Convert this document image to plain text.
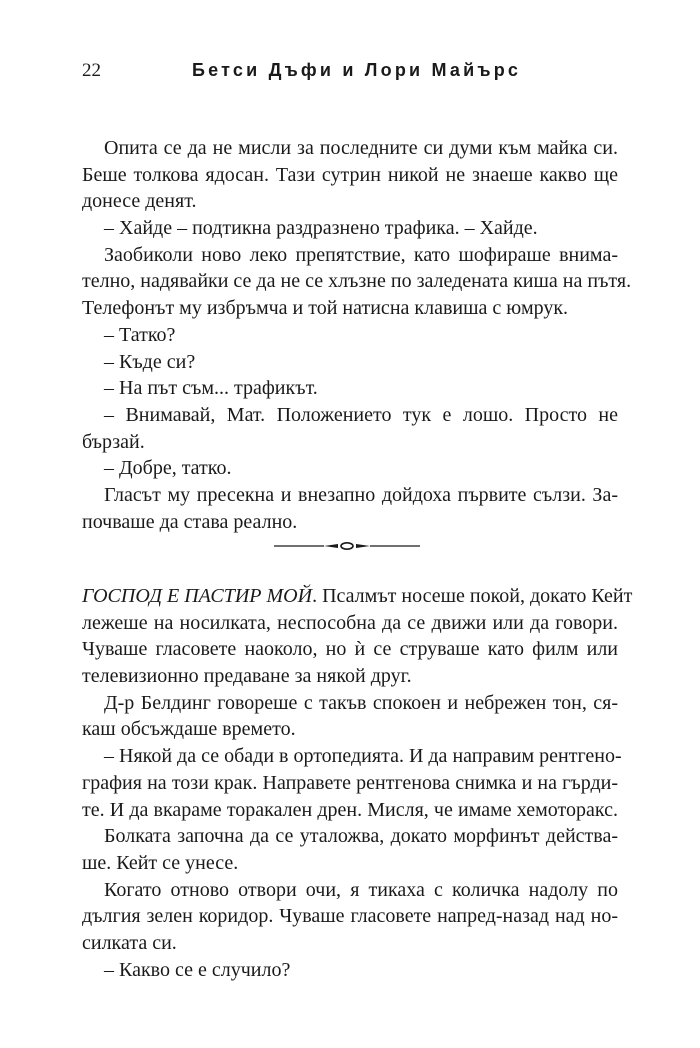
22	Бетси Дъфи и Лори Майърс
Опита се да не мисли за последните си думи към майка си.
Беше толкова ядосан. Тази сутрин никой не знаеше какво ще
донесе денят.
– Хайде – подтикна раздразнено трафика. – Хайде.
Заобиколи ново леко препятствие, като шофираше внима-
телно, надявайки се да не се хлъзне по заледената киша на пътя.
Телефонът му избръмча и той натисна клавиша с юмрук.
– Татко?
– Къде си?
– На път съм... трафикът.
– Внимавай, Мат. Положението тук е лошо. Просто не
бързай.
– Добре, татко.
Гласът му пресекна и внезапно дойдоха първите сълзи. За-
почваше да става реално.
ГОСПОД Е ПАСТИР МОЙ. Псалмът носеше покой, докато Кейт
лежеше на носилката, неспособна да се движи или да говори.
Чуваше гласовете наоколо, но ѝ се струваше като филм или
телевизионно предаване за някой друг.
Д-р Белдинг говореше с такъв спокоен и небрежен тон, ся-
каш обсъждаше времето.
– Някой да се обади в ортопедията. И да направим рентгено-
графия на този крак. Направете рентгенова снимка и на гърди-
те. И да вкараме торакален дрен. Мисля, че имаме хемоторакс.
Болката започна да се уталожва, докато морфинът действа-
ше. Кейт се унесе.
Когато отново отвори очи, я тикаха с количка надолу по
дългия зелен коридор. Чуваше гласовете напред-назад над но-
силката си.
– Какво се е случило?
